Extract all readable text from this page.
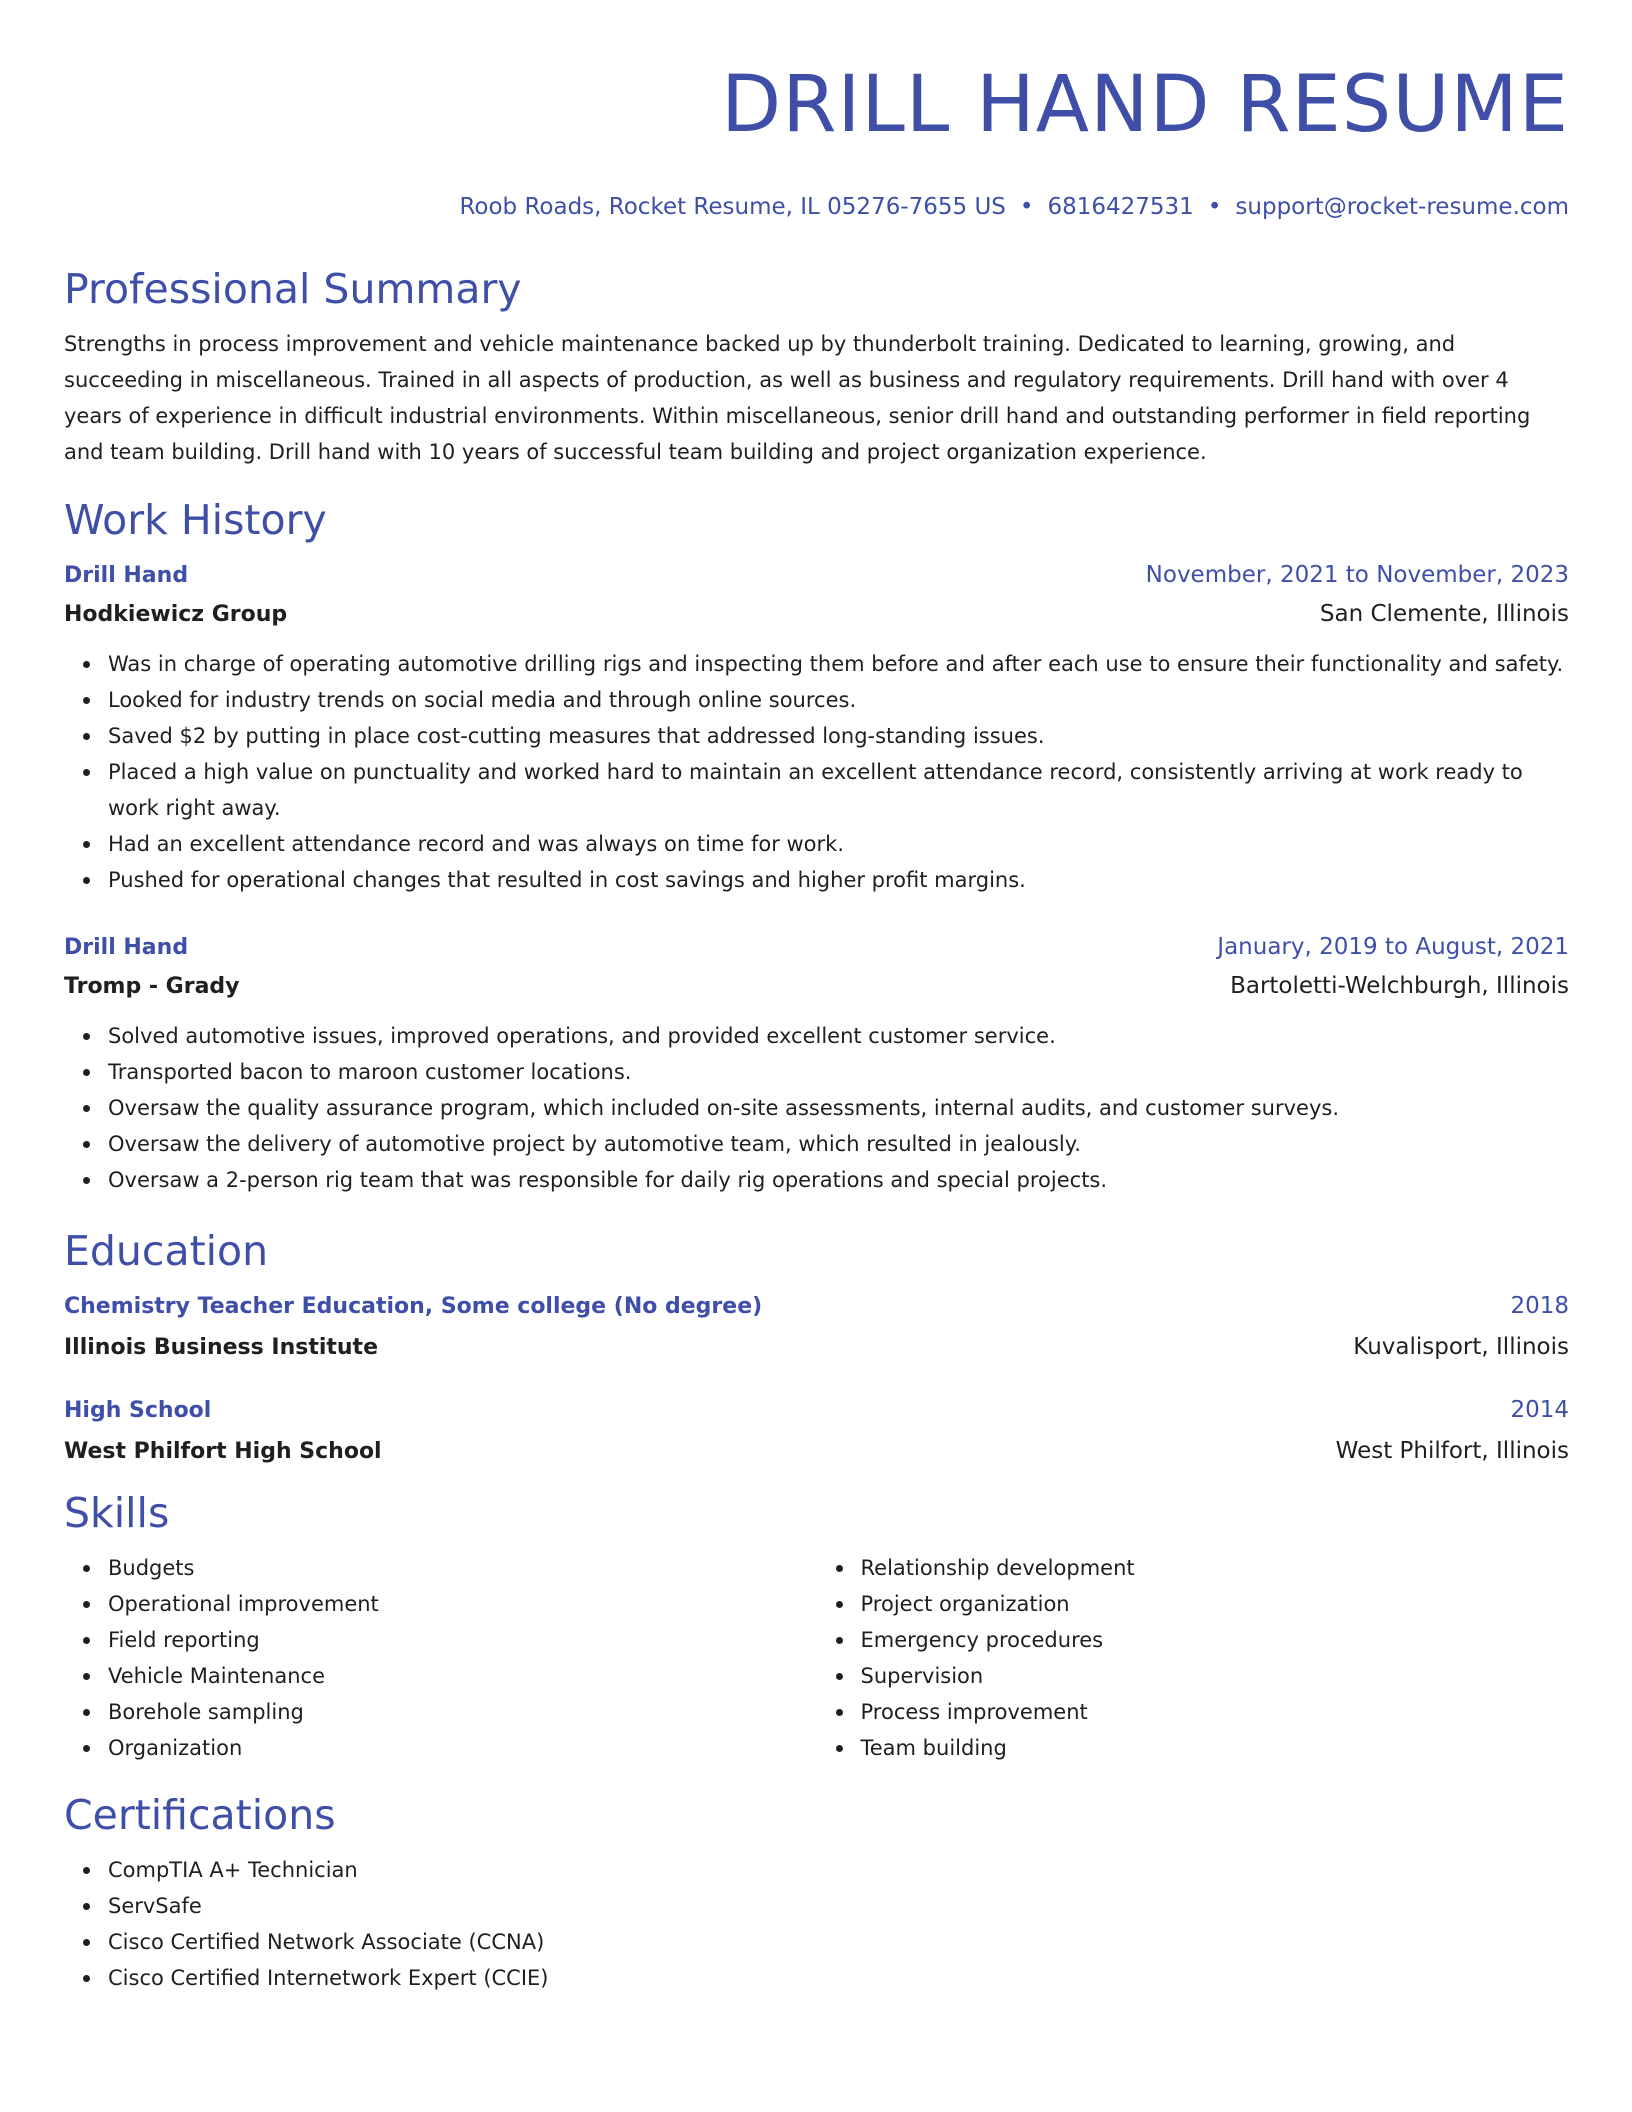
DRILL HAND RESUME
Roob Roads, Rocket Resume, IL 05276-7655 US • 6816427531 • support@rocket-resume.com
Professional Summary
Strengths in process improvement and vehicle maintenance backed up by thunderbolt training. Dedicated to learning, growing, and succeeding in miscellaneous. Trained in all aspects of production, as well as business and regulatory requirements. Drill hand with over 4 years of experience in difficult industrial environments. Within miscellaneous, senior drill hand and outstanding performer in field reporting and team building. Drill hand with 10 years of successful team building and project organization experience.
Work History
Drill Hand	November, 2021 to November, 2023
Hodkiewicz Group	San Clemente, Illinois
Was in charge of operating automotive drilling rigs and inspecting them before and after each use to ensure their functionality and safety.
Looked for industry trends on social media and through online sources.
Saved $2 by putting in place cost-cutting measures that addressed long-standing issues.
Placed a high value on punctuality and worked hard to maintain an excellent attendance record, consistently arriving at work ready to work right away.
Had an excellent attendance record and was always on time for work.
Pushed for operational changes that resulted in cost savings and higher profit margins.
Drill Hand	January, 2019 to August, 2021
Tromp - Grady	Bartoletti-Welchburgh, Illinois
Solved automotive issues, improved operations, and provided excellent customer service.
Transported bacon to maroon customer locations.
Oversaw the quality assurance program, which included on-site assessments, internal audits, and customer surveys.
Oversaw the delivery of automotive project by automotive team, which resulted in jealously.
Oversaw a 2-person rig team that was responsible for daily rig operations and special projects.
Education
Chemistry Teacher Education, Some college (No degree)	2018
Illinois Business Institute	Kuvalisport, Illinois
High School	2014
West Philfort High School	West Philfort, Illinois
Skills
Budgets
Operational improvement
Field reporting
Vehicle Maintenance
Borehole sampling
Organization
Relationship development
Project organization
Emergency procedures
Supervision
Process improvement
Team building
Certifications
CompTIA A+ Technician
ServSafe
Cisco Certified Network Associate (CCNA)
Cisco Certified Internetwork Expert (CCIE)
